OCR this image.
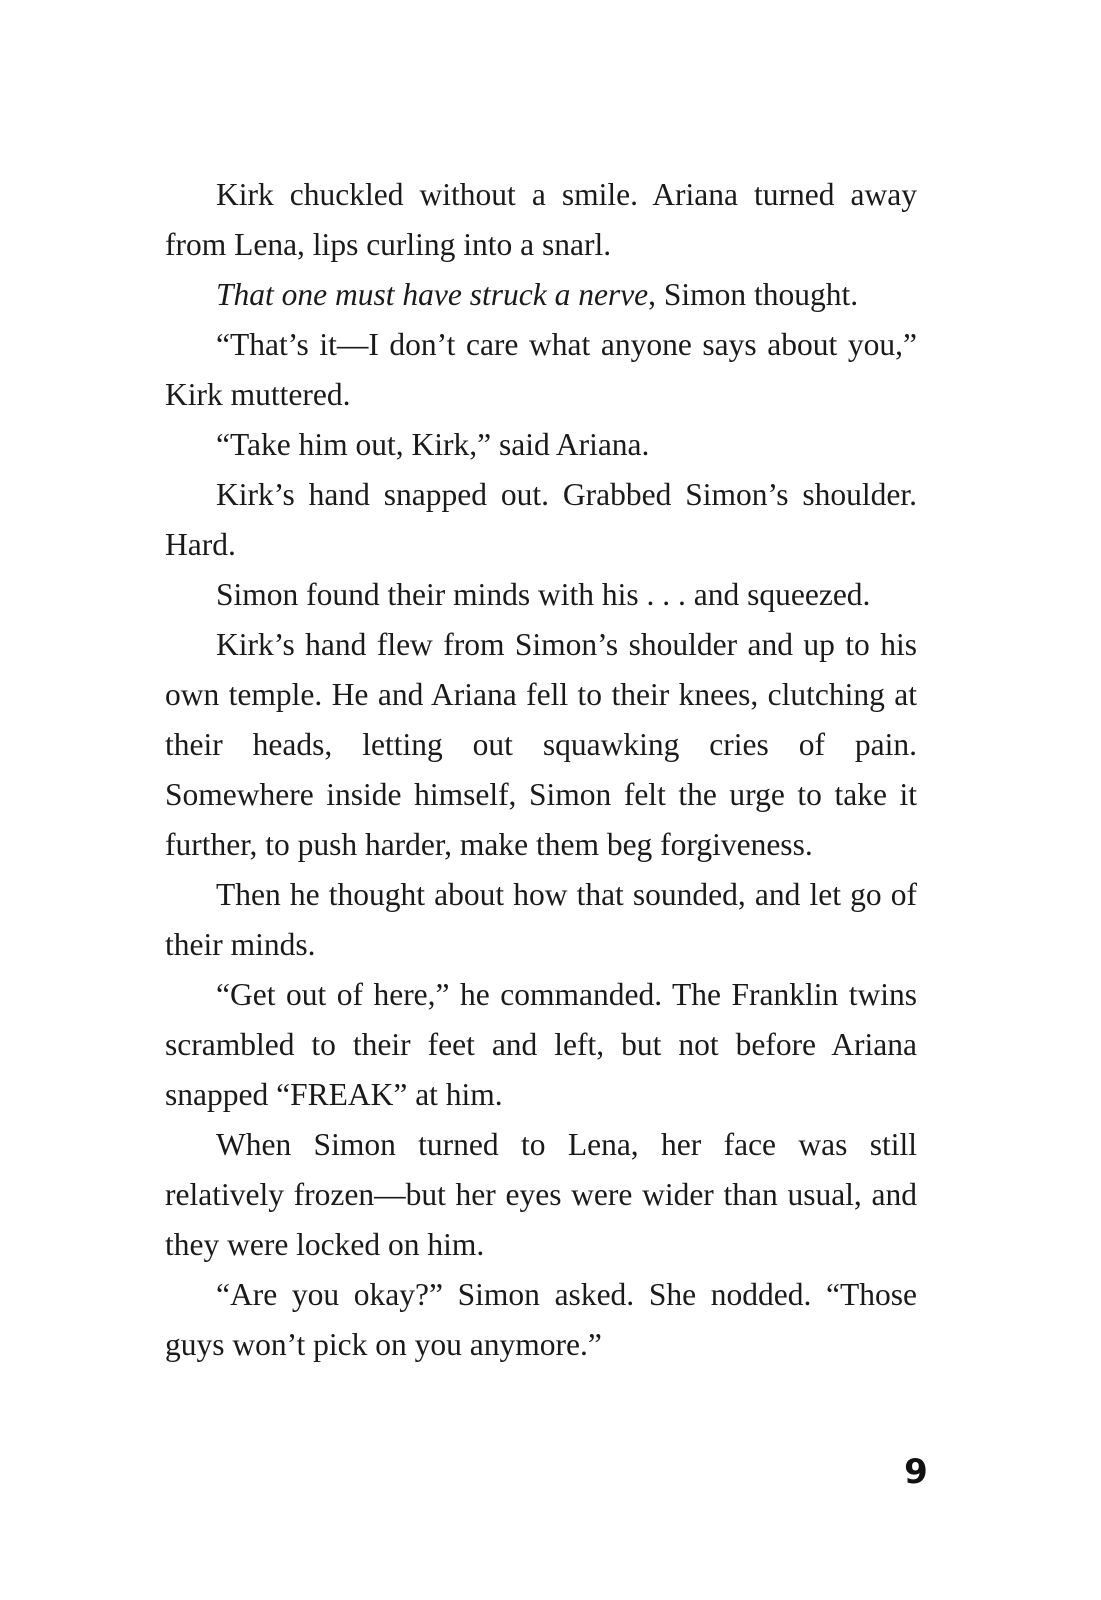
Kirk chuckled without a smile. Ariana turned away from Lena, lips curling into a snarl.

That one must have struck a nerve, Simon thought.

“That’s it—I don’t care what anyone says about you,” Kirk muttered.

“Take him out, Kirk,” said Ariana.

Kirk’s hand snapped out. Grabbed Simon’s shoulder. Hard.

Simon found their minds with his . . . and squeezed.

Kirk’s hand flew from Simon’s shoulder and up to his own temple. He and Ariana fell to their knees, clutching at their heads, letting out squawking cries of pain. Somewhere inside himself, Simon felt the urge to take it further, to push harder, make them beg forgiveness.

Then he thought about how that sounded, and let go of their minds.

“Get out of here,” he commanded. The Franklin twins scrambled to their feet and left, but not before Ariana snapped “FREAK” at him.

When Simon turned to Lena, her face was still relatively frozen—but her eyes were wider than usual, and they were locked on him.

“Are you okay?” Simon asked. She nodded. “Those guys won’t pick on you anymore.”

9
